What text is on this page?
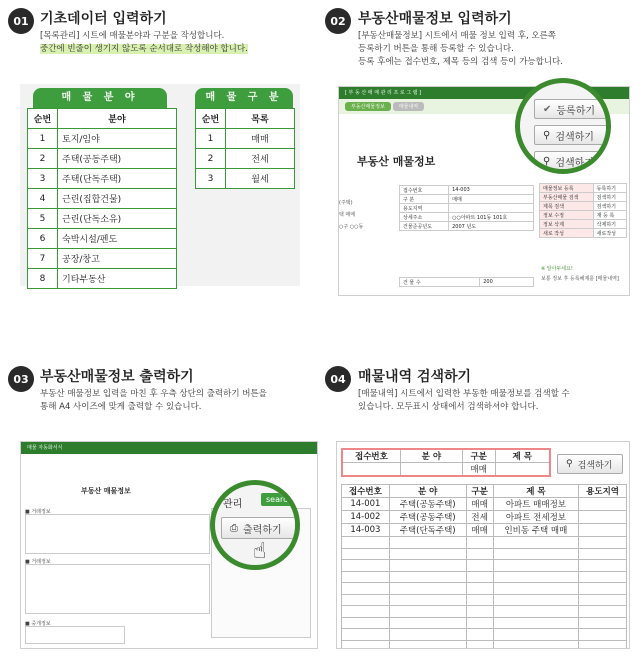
01 기초데이터 입력하기
[목록관리] 시트에 매물분야과 구분을 작성합니다.
중간에 빈줄이 생기지 않도록 순서대로 작성해야 합니다.
매 물 분 야
순번	분야
1	토지/임야
2	주택(공동주택)
3	주택(단독주택)
4	근린(집합건물)
5	근린(단독소유)
6	숙박시설/펜도
7	공장/창고
8	기타부동산
매 물 구 분
순번	목록
1	매매
2	전세
3	월세
02 부동산매물정보 입력하기
[부동산매물정보] 시트에서 매물 정보 입력 후, 오른쪽
등록하기 버튼을 통해 등록할 수 있습니다.
등록 후에는 접수번호, 제목 등의 검색 등이 가능합니다.
[ 부 동 산 매 매 관 리 프 로 그 램 ]
부동산매물정보	매물내역
부동산 매물정보
(주택)
택 매매
○구 ○○동
접수번호	14-003
구 분	매매
용도지역	
상세주소	○○아파트 101동 101호
건물준공년도	2007 년도
건 물 수	200
매물정보 등록	등록하기
부동산매물 검색	검색하기
제목 검색	검색하기
정보 수정	재 등 록
정보 삭제	삭제하기
새로 작성	새로작성
※ 알아두세요!
보통 정보 후 등록해제를 [매물내역]
✔ 등록하기
⚲ 검색하기
⚲ 검색하기
03 부동산매물정보 출력하기
부동산 매물정보 입력을 마친 후 우측 상단의 출력하기 버튼을
통해 A4 사이즈에 맞게 출력할 수 있습니다.
매물 자동화서식
부동산 매물정보
■ 거래정보
■ 거래정보
■ 중개정보
관리	search
⎙ 출력하기
☝
04 매물내역 검색하기
[매물내역] 시트에서 입력한 부동한 매물정보를 검색할 수
있습니다. 모두표시 상태에서 검색하셔야 합니다.
접수번호	분 야	구분	제 목
		매매	
⚲ 검색하기
접수번호	분 야	구분	제 목	용도지역
14-001	주택(공동주택)	매매	아파트 매매정보	
14-002	주택(공동주택)	전세	아파트 전세정보	
14-003	주택(단독주택)	매매	인비동 주택 매매	
